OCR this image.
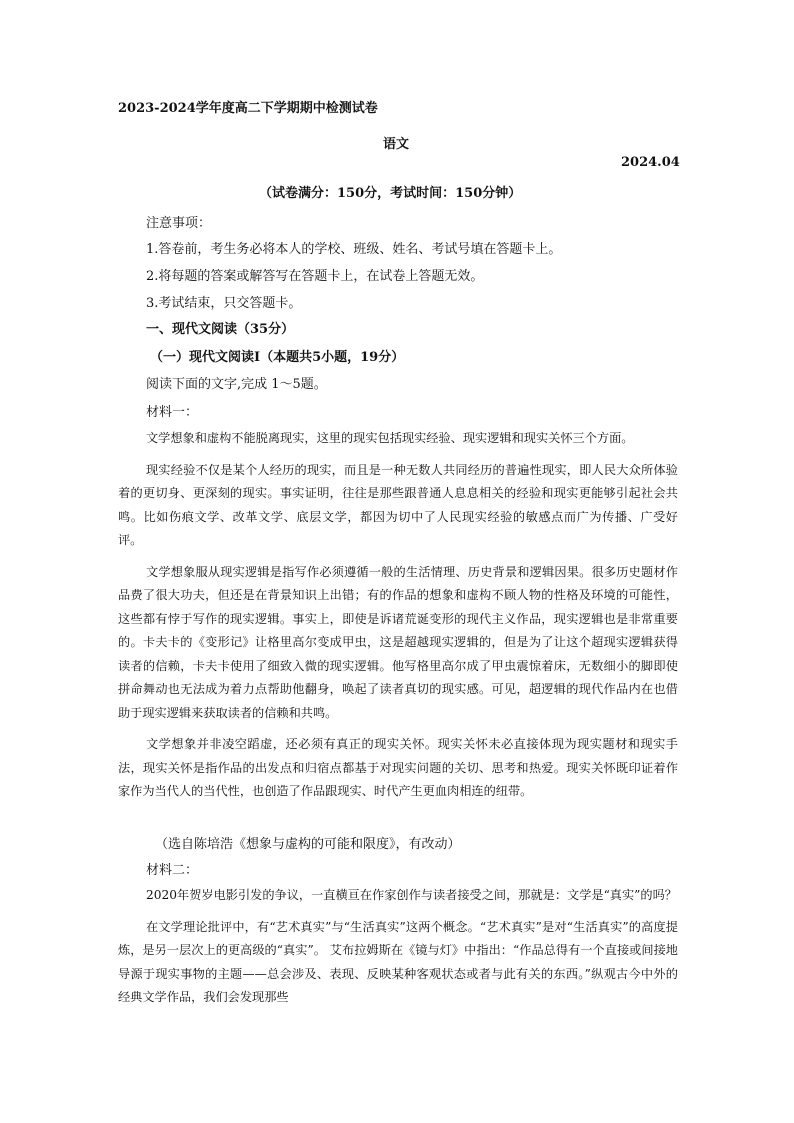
2023-2024学年度高二下学期期中检测试卷
语文
2024.04
（试卷满分：150分，考试时间：150分钟）
注意事项：
1.答卷前，考生务必将本人的学校、班级、姓名、考试号填在答题卡上。
2.将每题的答案或解答写在答题卡上，在试卷上答题无效。
3.考试结束，只交答题卡。
一、现代文阅读（35分）
（一）现代文阅读Ⅰ（本题共5小题，19分）
阅读下面的文字,完成 1～5题。
材料一：

文学想象和虚构不能脱离现实，这里的现实包括现实经验、现实逻辑和现实关怀三个方面。

现实经验不仅是某个人经历的现实，而且是一种无数人共同经历的普遍性现实，即人民大众所体验着的更切身、更深刻的现实。事实证明，往往是那些跟普通人息息相关的经验和现实更能够引起社会共鸣。比如伤痕文学、改革文学、底层文学，都因为切中了人民现实经验的敏感点而广为传播、广受好评。

文学想象服从现实逻辑是指写作必须遵循一般的生活情理、历史背景和逻辑因果。很多历史题材作品费了很大功夫，但还是在背景知识上出错；有的作品的想象和虚构不顾人物的性格及环境的可能性，这些都有悖于写作的现实逻辑。事实上，即使是诉诸荒诞变形的现代主义作品，现实逻辑也是非常重要的。卡夫卡的《变形记》让格里高尔变成甲虫，这是超越现实逻辑的，但是为了让这个超现实逻辑获得读者的信赖，卡夫卡使用了细致入微的现实逻辑。他写格里高尔成了甲虫震惊着床，无数细小的脚即使拼命舞动也无法成为着力点帮助他翻身，唤起了读者真切的现实感。可见，超逻辑的现代作品内在也借助于现实逻辑来获取读者的信赖和共鸣。

文学想象并非凌空蹈虚，还必须有真正的现实关怀。现实关怀未必直接体现为现实题材和现实手法，现实关怀是指作品的出发点和归宿点都基于对现实问题的关切、思考和热爱。现实关怀既印证着作家作为当代人的当代性，也创造了作品跟现实、时代产生更血肉相连的纽带。

（选自陈培浩《想象与虚构的可能和限度》，有改动）
材料二：

2020年贺岁电影引发的争议，一直横亘在作家创作与读者接受之间，那就是：文学是“真实”的吗？

在文学理论批评中，有“艺术真实”与“生活真实”这两个概念。“艺术真实”是对“生活真实”的高度提炼，是另一层次上的更高级的“真实”。 艾布拉姆斯在《镜与灯》中指出：“作品总得有一个直接或间接地导源于现实事物的主题——总会涉及、表现、反映某种客观状态或者与此有关的东西。”纵观古今中外的经典文学作品，我们会发现那些
